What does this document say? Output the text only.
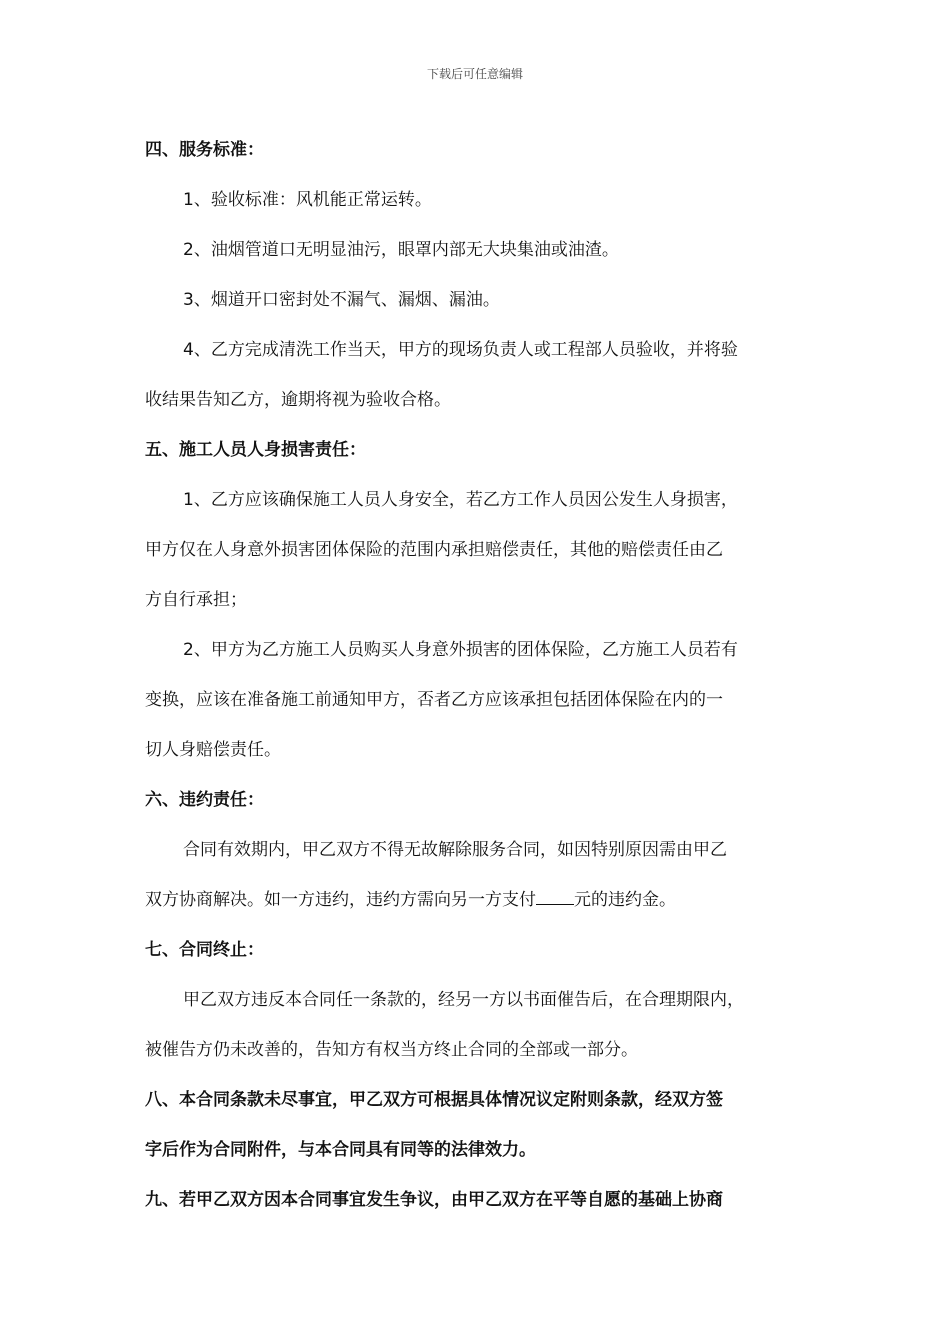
下载后可任意编辑
四、服务标准：
1、验收标准：风机能正常运转。
2、油烟管道口无明显油污，眼罩内部无大块集油或油渣。
3、烟道开口密封处不漏气、漏烟、漏油。
4、乙方完成清洗工作当天，甲方的现场负责人或工程部人员验收，并将验
收结果告知乙方，逾期将视为验收合格。
五、施工人员人身损害责任：
1、乙方应该确保施工人员人身安全，若乙方工作人员因公发生人身损害，
甲方仅在人身意外损害团体保险的范围内承担赔偿责任，其他的赔偿责任由乙
方自行承担；
2、甲方为乙方施工人员购买人身意外损害的团体保险，乙方施工人员若有
变换，应该在准备施工前通知甲方，否者乙方应该承担包括团体保险在内的一
切人身赔偿责任。
六、违约责任：
合同有效期内，甲乙双方不得无故解除服务合同，如因特别原因需由甲乙
双方协商解决。如一方违约，违约方需向另一方支付 元的违约金。
七、合同终止：
甲乙双方违反本合同任一条款的，经另一方以书面催告后，在合理期限内，
被催告方仍未改善的，告知方有权当方终止合同的全部或一部分。
八、本合同条款未尽事宜，甲乙双方可根据具体情况议定附则条款，经双方签
字后作为合同附件，与本合同具有同等的法律效力。
九、若甲乙双方因本合同事宜发生争议，由甲乙双方在平等自愿的基础上协商
